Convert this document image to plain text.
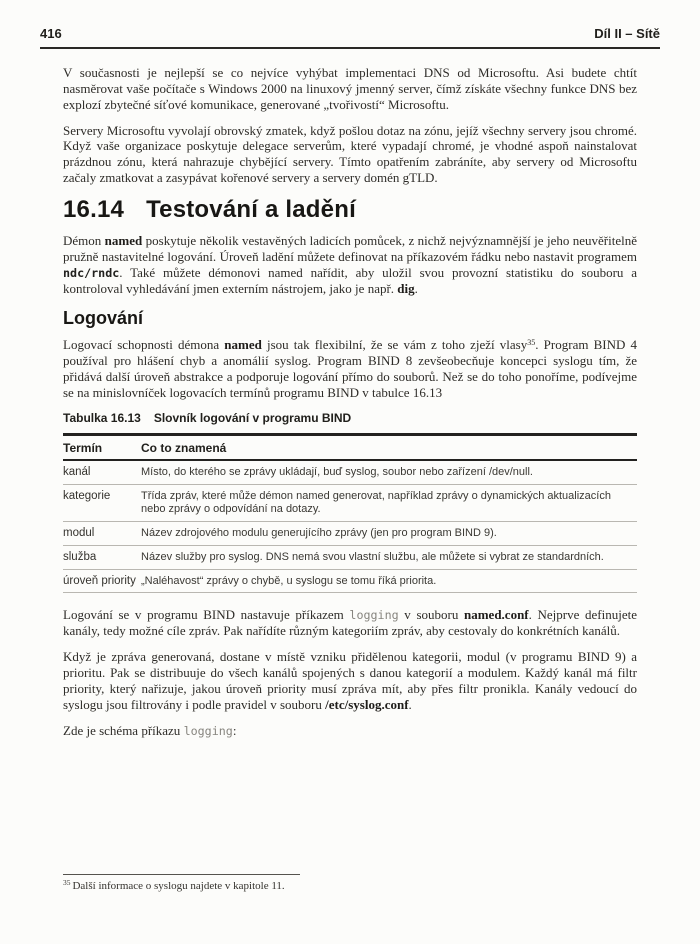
416	Díl II – Sítě

V současnosti je nejlepší se co nejvíce vyhýbat implementaci DNS od Microsoftu. Asi budete chtít nasměrovat vaše počítače s Windows 2000 na linuxový jmenný server, čímž získáte všechny funkce DNS bez explozí zbytečné síťové komunikace, generované „tvořivostí“ Microsoftu.

Servery Microsoftu vyvolají obrovský zmatek, když pošlou dotaz na zónu, jejíž všechny servery jsou chromé. Když vaše organizace poskytuje delegace serverům, které vypadají chromé, je vhodné aspoň nainstalovat prázdnou zónu, která nahrazuje chybějící servery. Tímto opatřením zabráníte, aby servery od Microsoftu začaly zmatkovat a zasypávat kořenové servery a servery domén gTLD.

16.14 Testování a ladění

Démon named poskytuje několik vestavěných ladicích pomůcek, z nichž nejvýznamnější je jeho neuvěřitelně pružně nastavitelné logování. Úroveň ladění můžete definovat na příkazovém řádku nebo nastavit programem ndc/rndc. Také můžete démonovi named nařídit, aby uložil svou provozní statistiku do souboru a kontroloval vyhledávání jmen externím nástrojem, jako je např. dig.

Logování

Logovací schopnosti démona named jsou tak flexibilní, že se vám z toho zježí vlasy$^{35}$. Program BIND 4 používal pro hlášení chyb a anomálií syslog. Program BIND 8 zevšeobecňuje koncepci syslogu tím, že přidává další úroveň abstrakce a podporuje logování přímo do souborů. Než se do toho ponoříme, podívejme se na minislovníček logovacích termínů programu BIND v tabulce 16.13

Tabulka 16.13 Slovník logování v programu BIND
Termín	Co to znamená
kanál	Místo, do kterého se zprávy ukládají, buď syslog, soubor nebo zařízení /dev/null.
kategorie	Třída zpráv, které může démon named generovat, například zprávy o dynamických aktualizacích nebo zprávy o odpovídání na dotazy.
modul	Název zdrojového modulu generujícího zprávy (jen pro program BIND 9).
služba	Název služby pro syslog. DNS nemá svou vlastní službu, ale můžete si vybrat ze standardních.
úroveň priority	„Naléhavost“ zprávy o chybě, u syslogu se tomu říká priorita.

Logování se v programu BIND nastavuje příkazem logging v souboru named.conf. Nejprve definujete kanály, tedy možné cíle zpráv. Pak nařídíte různým kategoriím zpráv, aby cestovaly do konkrétních kanálů.

Když je zpráva generovaná, dostane v místě vzniku přidělenou kategorii, modul (v programu BIND 9) a prioritu. Pak se distribuuje do všech kanálů spojených s danou kategorií a modulem. Každý kanál má filtr priority, který nařizuje, jakou úroveň priority musí zpráva mít, aby přes filtr pronikla. Kanály vedoucí do syslogu jsou filtrovány i podle pravidel v souboru /etc/syslog.conf.

Zde je schéma příkazu logging:

$^{35}$ Další informace o syslogu najdete v kapitole 11.
